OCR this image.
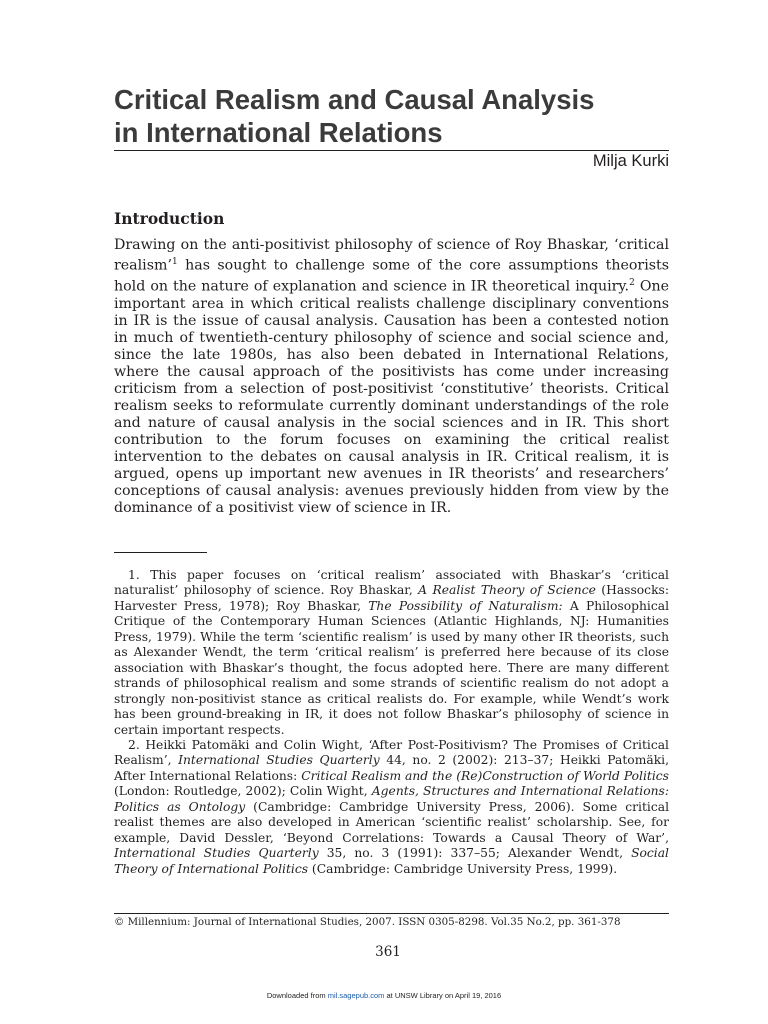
Critical Realism and Causal Analysis
in International Relations
Milja Kurki
Introduction

Drawing on the anti-positivist philosophy of science of Roy Bhaskar, ‘critical realism’$^1$ has sought to challenge some of the core assumptions theorists hold on the nature of explanation and science in IR theoretical inquiry.$^2$ One important area in which critical realists challenge disciplinary conventions in IR is the issue of causal analysis. Causation has been a contested notion in much of twentieth-century philosophy of science and social science and, since the late 1980s, has also been debated in International Relations, where the causal approach of the positivists has come under increasing criticism from a selection of post-positivist ‘constitutive’ theorists. Critical realism seeks to reformulate currently dominant understandings of the role and nature of causal analysis in the social sciences and in IR. This short contribution to the forum focuses on examining the critical realist intervention to the debates on causal analysis in IR. Critical realism, it is argued, opens up important new avenues in IR theorists’ and researchers’ conceptions of causal analysis: avenues previously hidden from view by the dominance of a positivist view of science in IR.

1. This paper focuses on ‘critical realism’ associated with Bhaskar’s ‘critical naturalist’ philosophy of science. Roy Bhaskar, A Realist Theory of Science (Hassocks: Harvester Press, 1978); Roy Bhaskar, The Possibility of Naturalism: A Philosophical Critique of the Contemporary Human Sciences (Atlantic Highlands, NJ: Humanities Press, 1979). While the term ‘scientific realism’ is used by many other IR theorists, such as Alexander Wendt, the term ‘critical realism’ is preferred here because of its close association with Bhaskar’s thought, the focus adopted here. There are many different strands of philosophical realism and some strands of scientific realism do not adopt a strongly non-positivist stance as critical realists do. For example, while Wendt’s work has been ground-breaking in IR, it does not follow Bhaskar’s philosophy of science in certain important respects.

2. Heikki Patomäki and Colin Wight, ‘After Post-Positivism? The Promises of Critical Realism’, International Studies Quarterly 44, no. 2 (2002): 213–37; Heikki Patomäki, After International Relations: Critical Realism and the (Re)Construction of World Politics (London: Routledge, 2002); Colin Wight, Agents, Structures and International Relations: Politics as Ontology (Cambridge: Cambridge University Press, 2006). Some critical realist themes are also developed in American ‘scientific realist’ scholarship. See, for example, David Dessler, ‘Beyond Correlations: Towards a Causal Theory of War’, International Studies Quarterly 35, no. 3 (1991): 337–55; Alexander Wendt, Social Theory of International Politics (Cambridge: Cambridge University Press, 1999).

© Millennium: Journal of International Studies, 2007. ISSN 0305-8298. Vol.35 No.2, pp. 361-378
361
Downloaded from mil.sagepub.com at UNSW Library on April 19, 2016
